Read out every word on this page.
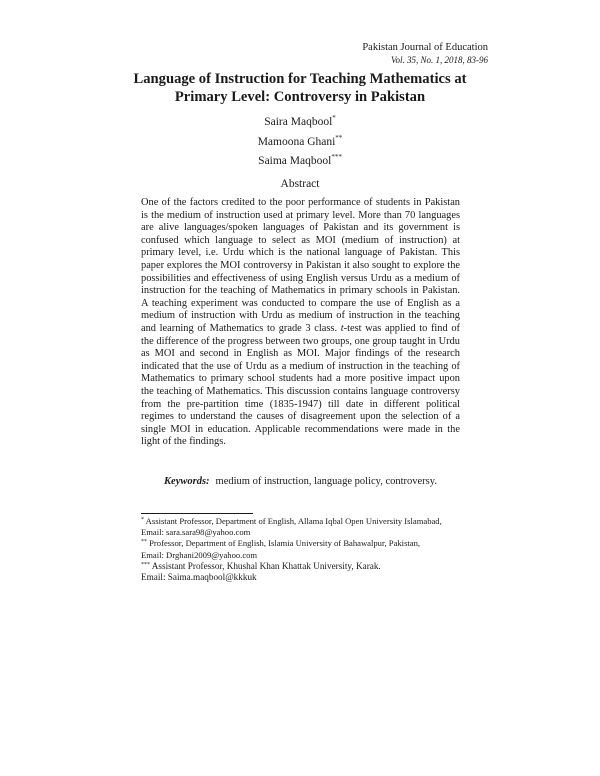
Pakistan Journal of Education
Vol. 35, No. 1, 2018, 83-96
Language of Instruction for Teaching Mathematics at
Primary Level: Controversy in Pakistan
Saira Maqbool*
Mamoona Ghani**
Saima Maqbool***
Abstract

One of the factors credited to the poor performance of students in Pakistan is the medium of instruction used at primary level. More than 70 languages are alive languages/spoken languages of Pakistan and its government is confused which language to select as MOI (medium of instruction) at primary level, i.e. Urdu which is the national language of Pakistan. This paper explores the MOI controversy in Pakistan it also sought to explore the possibilities and effectiveness of using English versus Urdu as a medium of instruction for the teaching of Mathematics in primary schools in Pakistan. A teaching experiment was conducted to compare the use of English as a medium of instruction with Urdu as medium of instruction in the teaching and learning of Mathematics to grade 3 class. t-test was applied to find of the difference of the progress between two groups, one group taught in Urdu as MOI and second in English as MOI. Major findings of the research indicated that the use of Urdu as a medium of instruction in the teaching of Mathematics to primary school students had a more positive impact upon the teaching of Mathematics. This discussion contains language controversy from the pre-partition time (1835-1947) till date in different political regimes to understand the causes of disagreement upon the selection of a single MOI in education. Applicable recommendations were made in the light of the findings.

Keywords: medium of instruction, language policy, controversy.

* Assistant Professor, Department of English, Allama Iqbal Open University Islamabad,
Email: sara.sara98@yahoo.com

** Professor, Department of English, Islamia University of Bahawalpur, Pakistan,
Email: Drghani2009@yahoo.com

*** Assistant Professor, Khushal Khan Khattak University, Karak.
Email: Saima.maqbool@kkkuk
